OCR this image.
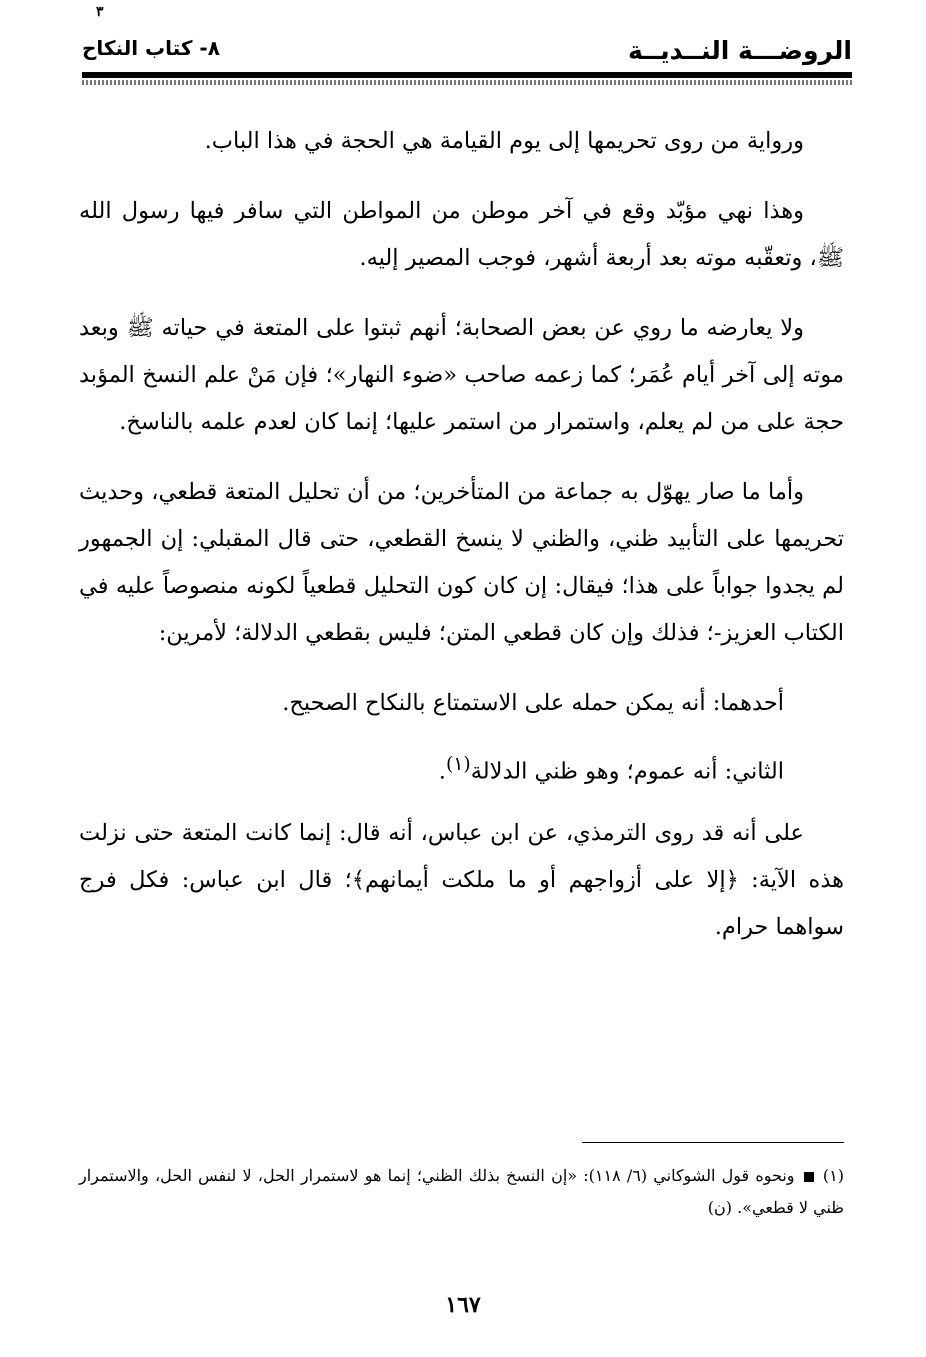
٣
الروضـــة النــديــة
٨- كتاب النكاح

ورواية من روى تحريمها إلى يوم القيامة هي الحجة في هذا الباب.

وهذا نهي مؤبّد وقع في آخر موطن من المواطن التي سافر فيها رسول الله ﷺ، وتعقّبه موته بعد أربعة أشهر، فوجب المصير إليه.

ولا يعارضه ما روي عن بعض الصحابة؛ أنهم ثبتوا على المتعة في حياته ﷺ وبعد موته إلى آخر أيام عُمَر؛ كما زعمه صاحب «ضوء النهار»؛ فإن مَنْ علم النسخ المؤبد حجة على من لم يعلم، واستمرار من استمر عليها؛ إنما كان لعدم علمه بالناسخ.

وأما ما صار يهوّل به جماعة من المتأخرين؛ من أن تحليل المتعة قطعي، وحديث تحريمها على التأبيد ظني، والظني لا ينسخ القطعي، حتى قال المقبلي: إن الجمهور لم يجدوا جواباً على هذا؛ فيقال: إن كان كون التحليل قطعياً لكونه منصوصاً عليه في الكتاب العزيز-؛ فذلك وإن كان قطعي المتن؛ فليس بقطعي الدلالة؛ لأمرين:

أحدهما: أنه يمكن حمله على الاستمتاع بالنكاح الصحيح.

الثاني: أنه عموم؛ وهو ظني الدلالة$^{(١)}$.

على أنه قد روى الترمذي، عن ابن عباس، أنه قال: إنما كانت المتعة حتى نزلت هذه الآية: ﴿إلا على أزواجهم أو ما ملكت أيمانهم﴾؛ قال ابن عباس: فكل فرج سواهما حرام.

(١)  ونحوه قول الشوكاني (٦/ ١١٨): «إن النسخ بذلك الظني؛ إنما هو لاستمرار الحل، لا لنفس الحل، والاستمرار ظني لا قطعي». (ن)
١٦٧
